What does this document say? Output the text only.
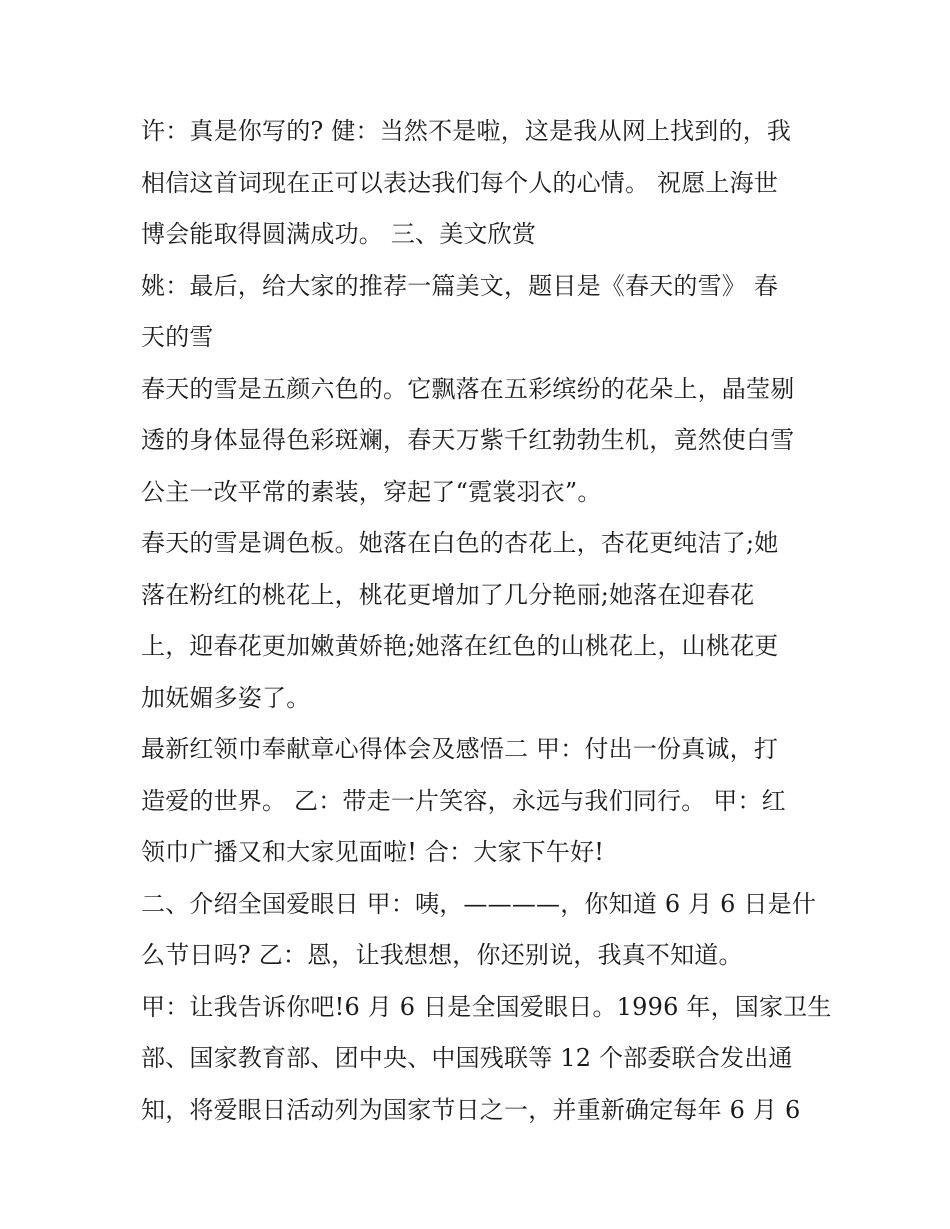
许：真是你写的? 健：当然不是啦，这是我从网上找到的，我
相信这首词现在正可以表达我们每个人的心情。 祝愿上海世
博会能取得圆满成功。 三、美文欣赏
姚：最后，给大家的推荐一篇美文，题目是《春天的雪》 春
天的雪
春天的雪是五颜六色的。它飘落在五彩缤纷的花朵上，晶莹剔
透的身体显得色彩斑斓，春天万紫千红勃勃生机，竟然使白雪
公主一改平常的素装，穿起了“霓裳羽衣”。
春天的雪是调色板。她落在白色的杏花上，杏花更纯洁了;她
落在粉红的桃花上，桃花更增加了几分艳丽;她落在迎春花
上，迎春花更加嫩黄娇艳;她落在红色的山桃花上，山桃花更
加妩媚多姿了。
最新红领巾奉献章心得体会及感悟二 甲：付出一份真诚，打
造爱的世界。 乙：带走一片笑容，永远与我们同行。 甲：红
领巾广播又和大家见面啦! 合：大家下午好!
二、介绍全国爱眼日 甲：咦，————，你知道 6 月 6 日是什
么节日吗? 乙：恩，让我想想，你还别说，我真不知道。
甲：让我告诉你吧!6 月 6 日是全国爱眼日。1996 年，国家卫生
部、国家教育部、团中央、中国残联等 12 个部委联合发出通
知，将爱眼日活动列为国家节日之一，并重新确定每年 6 月 6
